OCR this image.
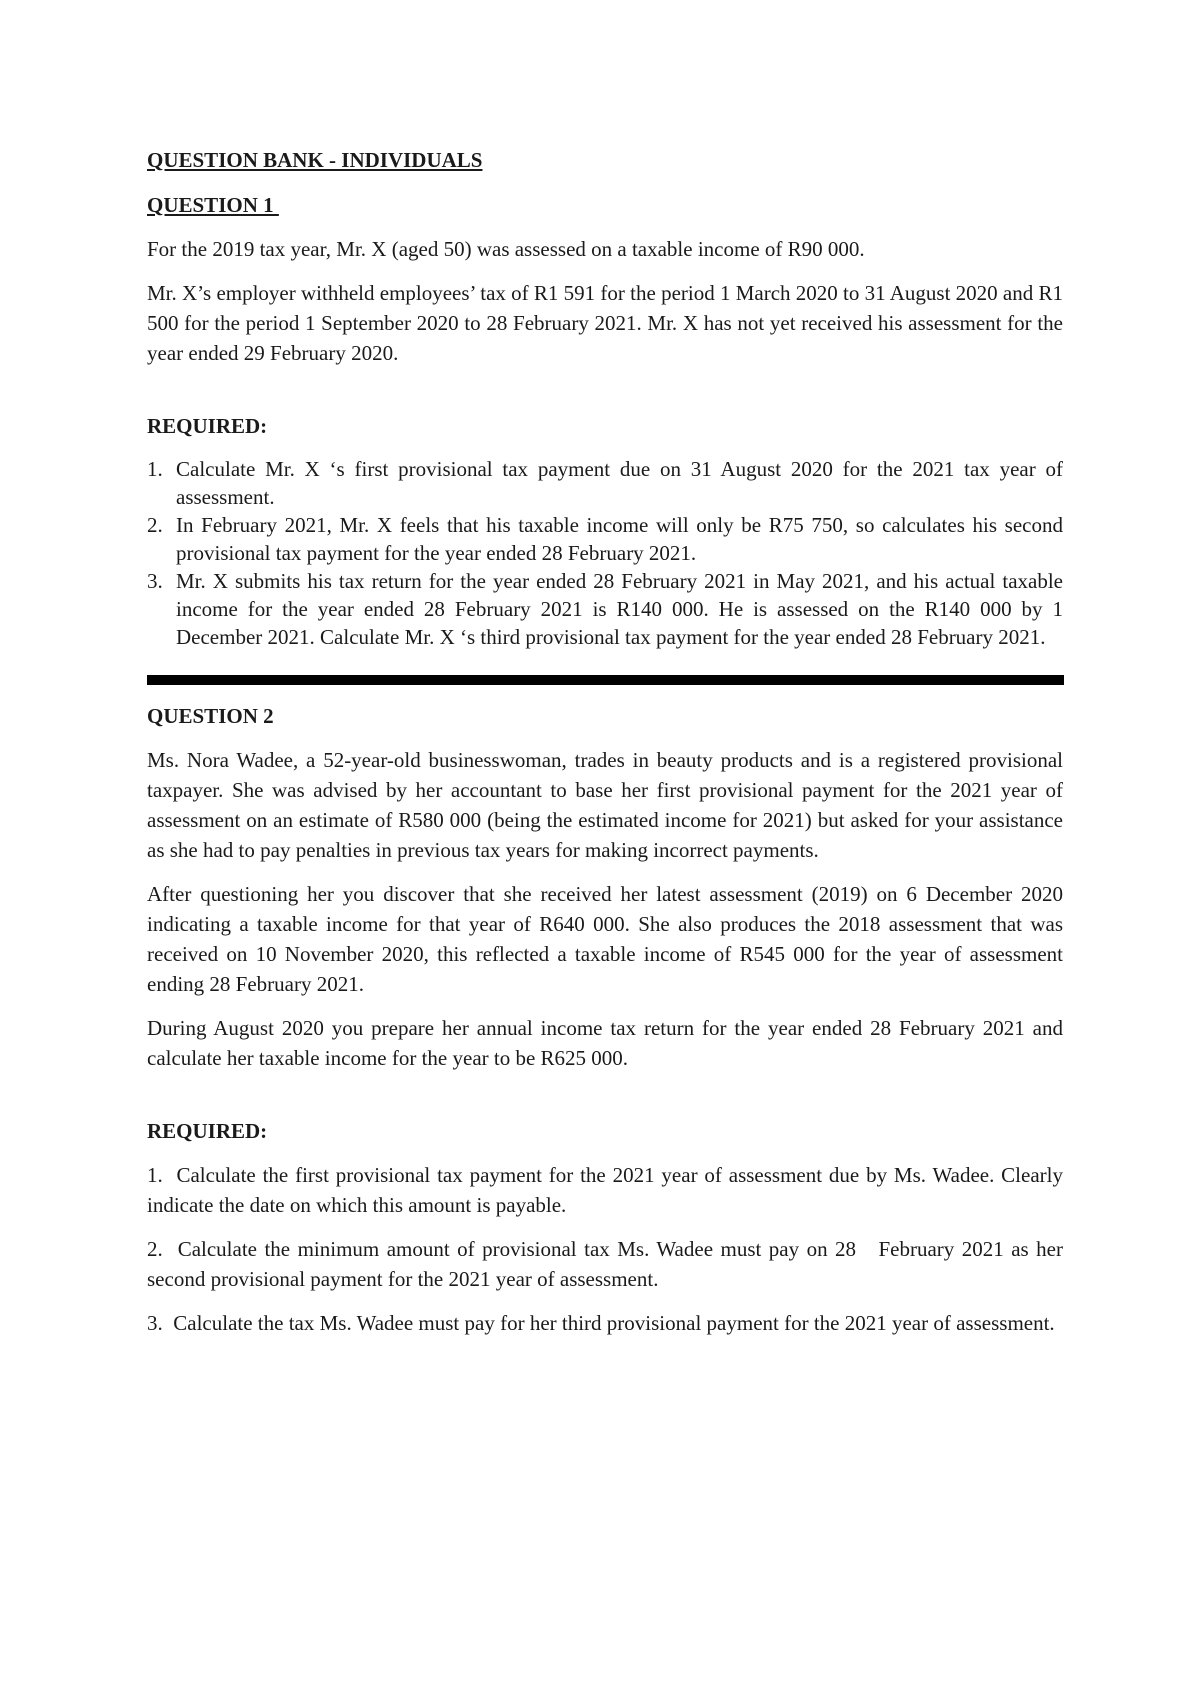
QUESTION BANK - INDIVIDUALS
QUESTION 1

For the 2019 tax year, Mr. X (aged 50) was assessed on a taxable income of R90 000.

Mr. X’s employer withheld employees’ tax of R1 591 for the period 1 March 2020 to 31 August 2020 and R1 500 for the period 1 September 2020 to 28 February 2021. Mr. X has not yet received his assessment for the year ended 29 February 2020.

REQUIRED:
1. Calculate Mr. X ‘s first provisional tax payment due on 31 August 2020 for the 2021 tax year of assessment.
2. In February 2021, Mr. X feels that his taxable income will only be R75 750, so calculates his second provisional tax payment for the year ended 28 February 2021.
3. Mr. X submits his tax return for the year ended 28 February 2021 in May 2021, and his actual taxable income for the year ended 28 February 2021 is R140 000. He is assessed on the R140 000 by 1 December 2021. Calculate Mr. X ‘s third provisional tax payment for the year ended 28 February 2021.
QUESTION 2

Ms. Nora Wadee, a 52-year-old businesswoman, trades in beauty products and is a registered provisional taxpayer. She was advised by her accountant to base her first provisional payment for the 2021 year of assessment on an estimate of R580 000 (being the estimated income for 2021) but asked for your assistance as she had to pay penalties in previous tax years for making incorrect payments.

After questioning her you discover that she received her latest assessment (2019) on 6 December 2020 indicating a taxable income for that year of R640 000. She also produces the 2018 assessment that was received on 10 November 2020, this reflected a taxable income of R545 000 for the year of assessment ending 28 February 2021.

During August 2020 you prepare her annual income tax return for the year ended 28 February 2021 and calculate her taxable income for the year to be R625 000.

REQUIRED:

1.  Calculate the first provisional tax payment for the 2021 year of assessment due by Ms. Wadee. Clearly indicate the date on which this amount is payable.

2.  Calculate the minimum amount of provisional tax Ms. Wadee must pay on 28   February 2021 as her second provisional payment for the 2021 year of assessment.

3.  Calculate the tax Ms. Wadee must pay for her third provisional payment for the 2021 year of assessment.
